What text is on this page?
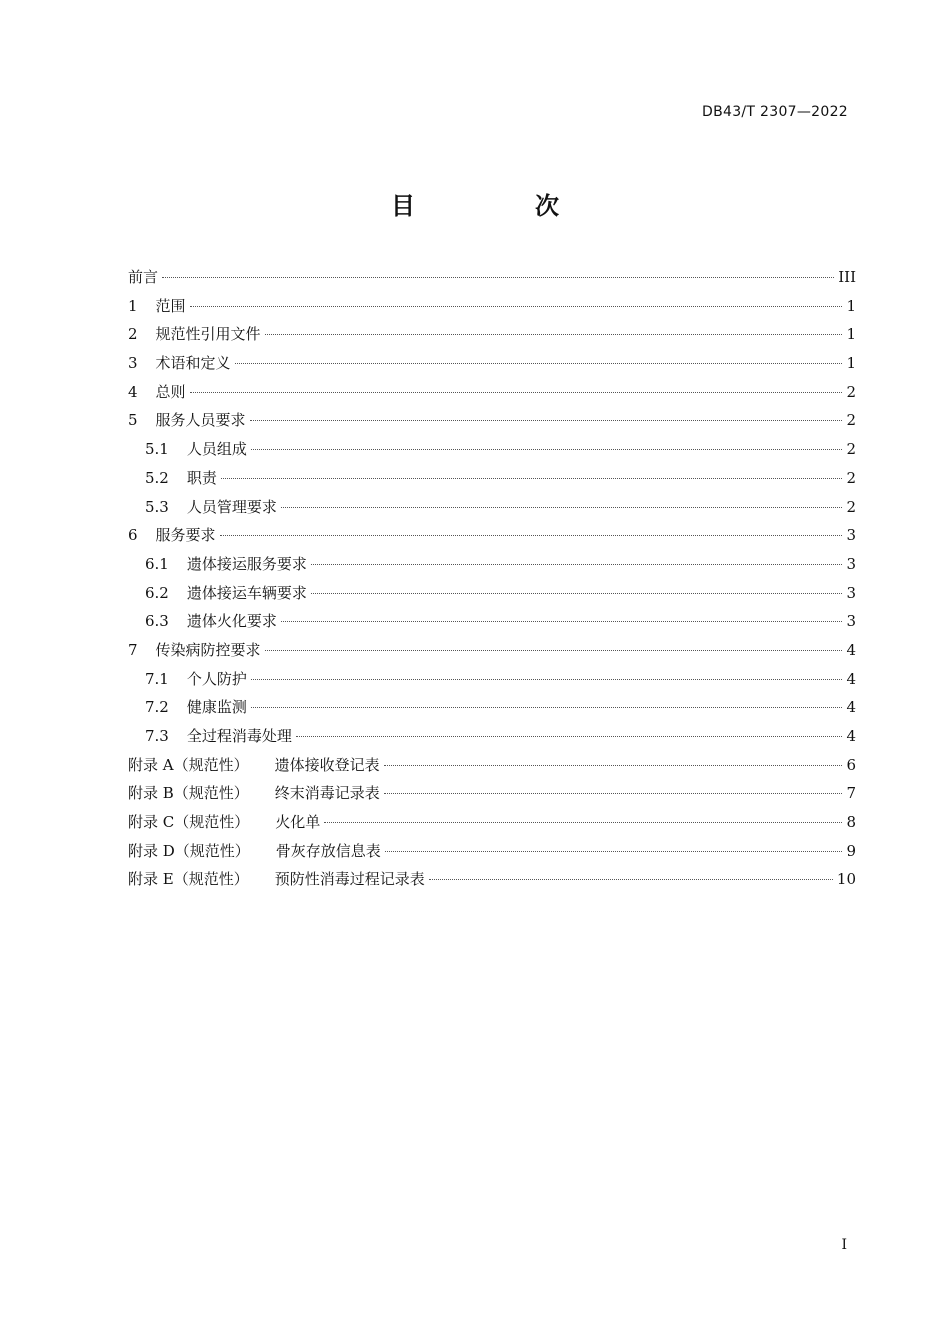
DB43/T 2307—2022
目　次
前言	III
1 范围	1
2 规范性引用文件	1
3 术语和定义	1
4 总则	2
5 服务人员要求	2
5.1 人员组成	2
5.2 职责	2
5.3 人员管理要求	2
6 服务要求	3
6.1 遗体接运服务要求	3
6.2 遗体接运车辆要求	3
6.3 遗体火化要求	3
7 传染病防控要求	4
7.1 个人防护	4
7.2 健康监测	4
7.3 全过程消毒处理	4
附录 A（规范性） 遗体接收登记表	6
附录 B（规范性） 终末消毒记录表	7
附录 C（规范性） 火化单	8
附录 D（规范性） 骨灰存放信息表	9
附录 E（规范性） 预防性消毒过程记录表	10
I
